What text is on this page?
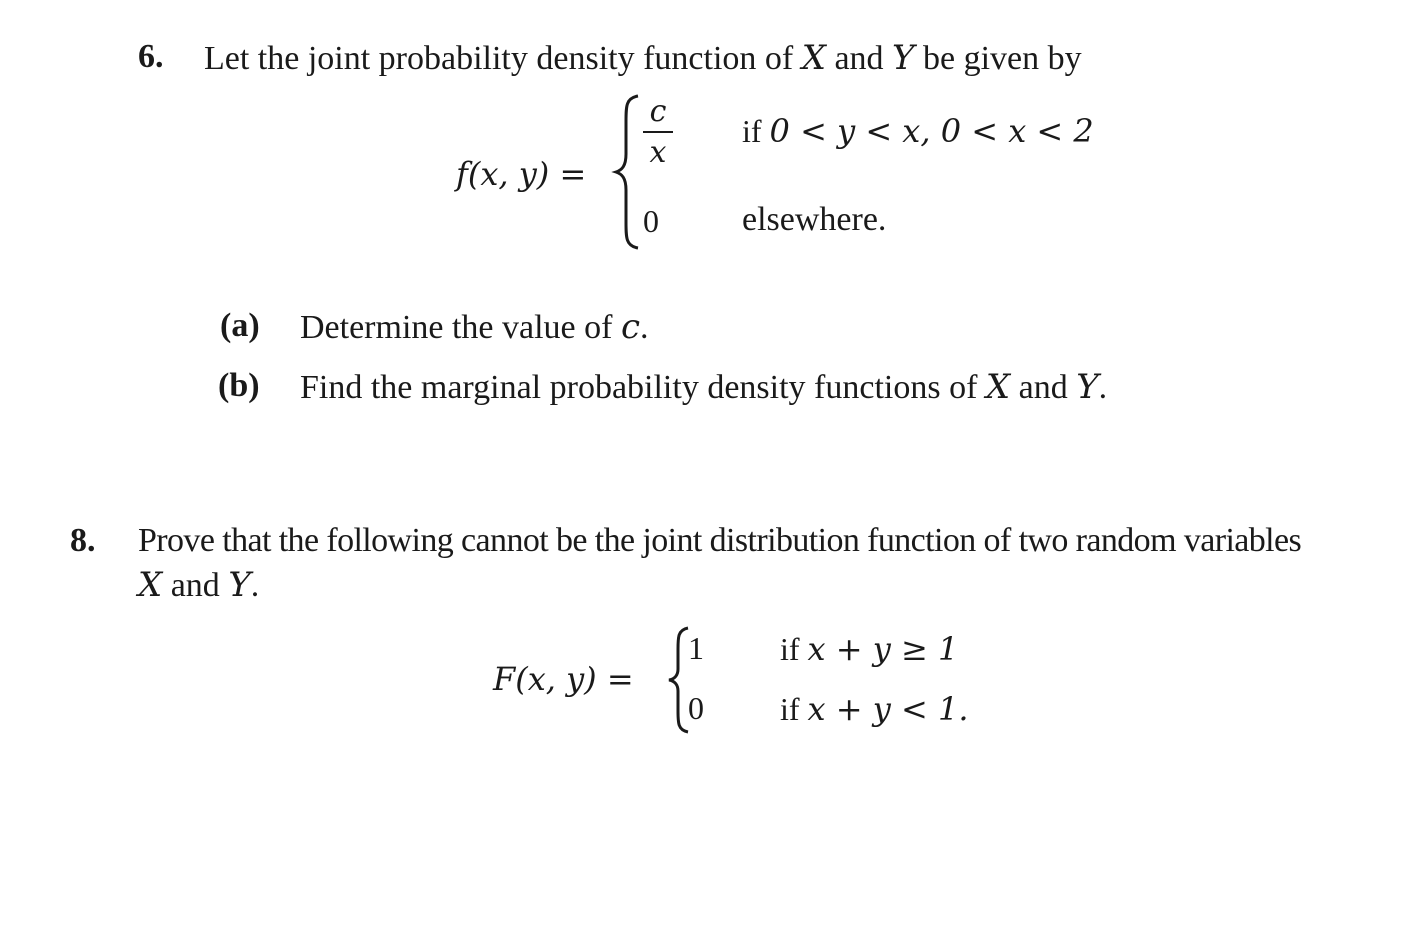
6. Let the joint probability density function of X and Y be given by
f(x, y) =
c
x
if 0 < y < x, 0 < x < 2
0 elsewhere.
(a) Determine the value of c.
(b) Find the marginal probability density functions of X and Y.
8. Prove that the following cannot be the joint distribution function of two random variables
X and Y.
F(x, y) =
1 if x + y ≥ 1
0 if x + y < 1.
